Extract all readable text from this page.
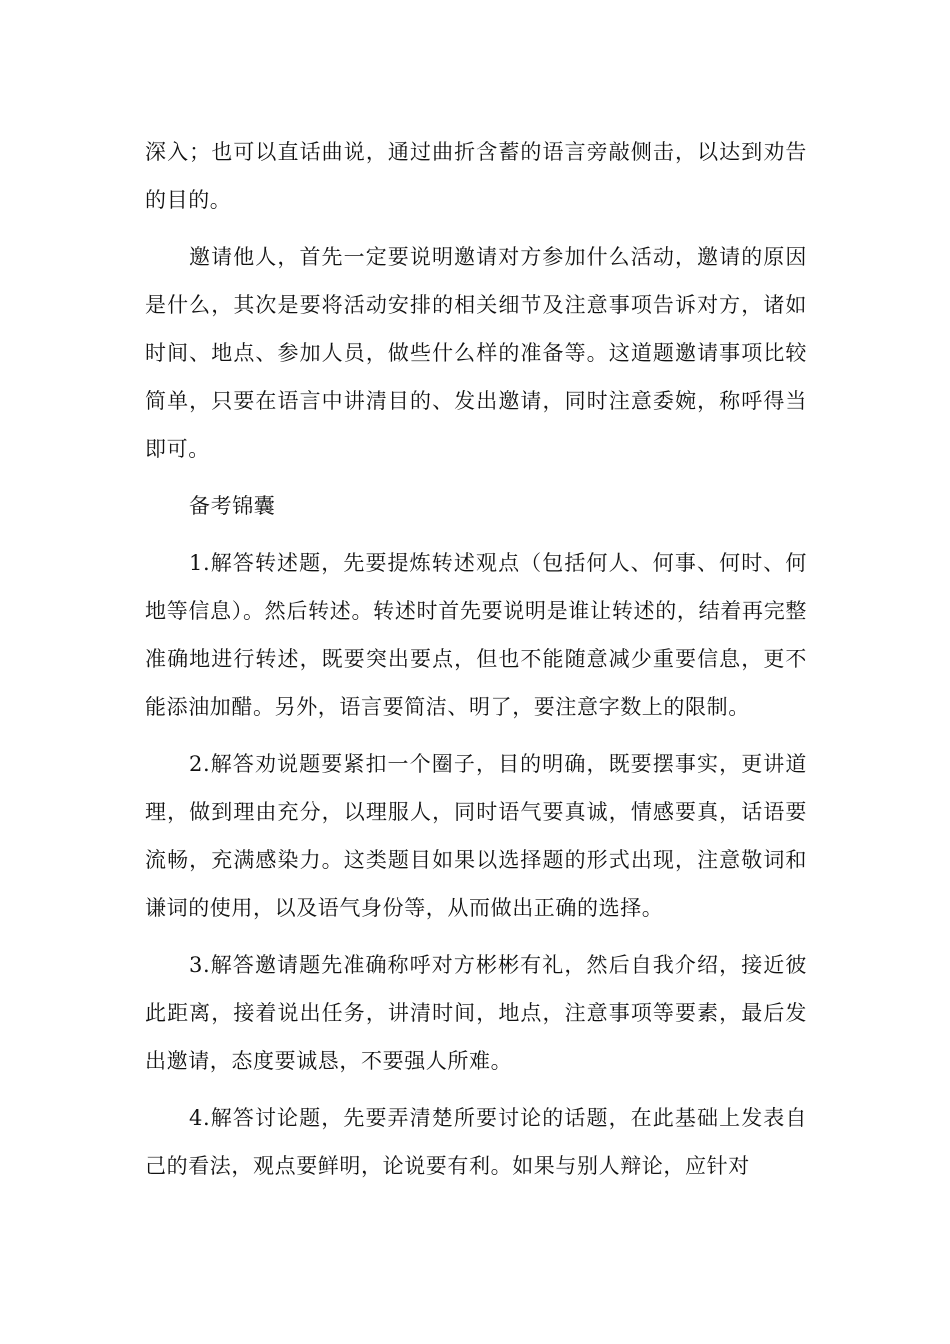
深入；也可以直话曲说，通过曲折含蓄的语言旁敲侧击，以达到劝告的目的。

邀请他人，首先一定要说明邀请对方参加什么活动，邀请的原因是什么，其次是要将活动安排的相关细节及注意事项告诉对方，诸如时间、地点、参加人员，做些什么样的准备等。这道题邀请事项比较简单，只要在语言中讲清目的、发出邀请，同时注意委婉，称呼得当即可。

备考锦囊

1.解答转述题，先要提炼转述观点（包括何人、何事、何时、何地等信息）。然后转述。转述时首先要说明是谁让转述的，结着再完整准确地进行转述，既要突出要点，但也不能随意减少重要信息，更不能添油加醋。另外，语言要简洁、明了，要注意字数上的限制。

2.解答劝说题要紧扣一个圈子，目的明确，既要摆事实，更讲道理，做到理由充分，以理服人，同时语气要真诚，情感要真，话语要流畅，充满感染力。这类题目如果以选择题的形式出现，注意敬词和谦词的使用，以及语气身份等，从而做出正确的选择。

3.解答邀请题先准确称呼对方彬彬有礼，然后自我介绍，接近彼此距离，接着说出任务，讲清时间，地点，注意事项等要素，最后发出邀请，态度要诚恳，不要强人所难。

4.解答讨论题，先要弄清楚所要讨论的话题，在此基础上发表自己的看法，观点要鲜明，论说要有利。如果与别人辩论，应针对
